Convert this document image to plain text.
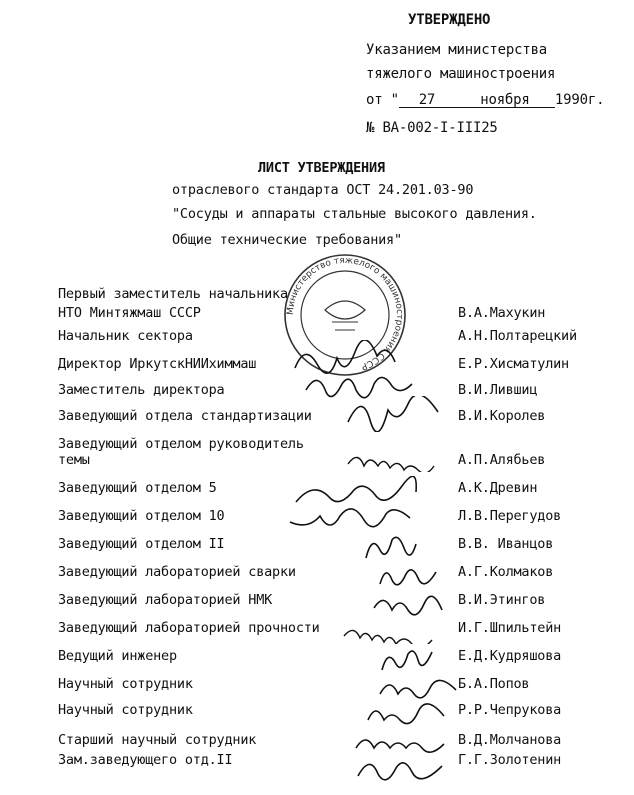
УТВЕРЖДЕНО
Указанием министерства
тяжелого машиностроения
от " 27	ноября 1990г.
№ ВА-002-I-III25
ЛИСТ УТВЕРЖДЕНИЯ
отраслевого стандарта ОСТ 24.201.03-90
"Сосуды и аппараты стальные высокого давления.
Общие технические требования"
Министерство тяжелого машиностроения СССР
Первый заместитель начальника
НТО Минтяжмаш СССР	В.А.Махукин
Начальник сектора	А.Н.Полтарецкий
Директор ИркутскНИИхиммаш	Е.Р.Хисматулин
Заместитель директора	В.И.Лившиц
Заведующий отдела стандартизации	В.И.Королев
Заведующий отделом руководитель
темы	А.П.Алябьев
Заведующий отделом 5	А.К.Древин
Заведующий отделом 10	Л.В.Перегудов
Заведующий отделом II	В.В. Иванцов
Заведующий лабораторией сварки	А.Г.Колмаков
Заведующий лабораторией НМК	В.И.Этингов
Заведующий лабораторией прочности	И.Г.Шпильтейн
Ведущий инженер	Е.Д.Кудряшова
Научный сотрудник	Б.А.Попов
Научный сотрудник	Р.Р.Чепрукова
Старший научный сотрудник	В.Д.Молчанова
Зам.заведующего отд.II	Г.Г.Золотенин
